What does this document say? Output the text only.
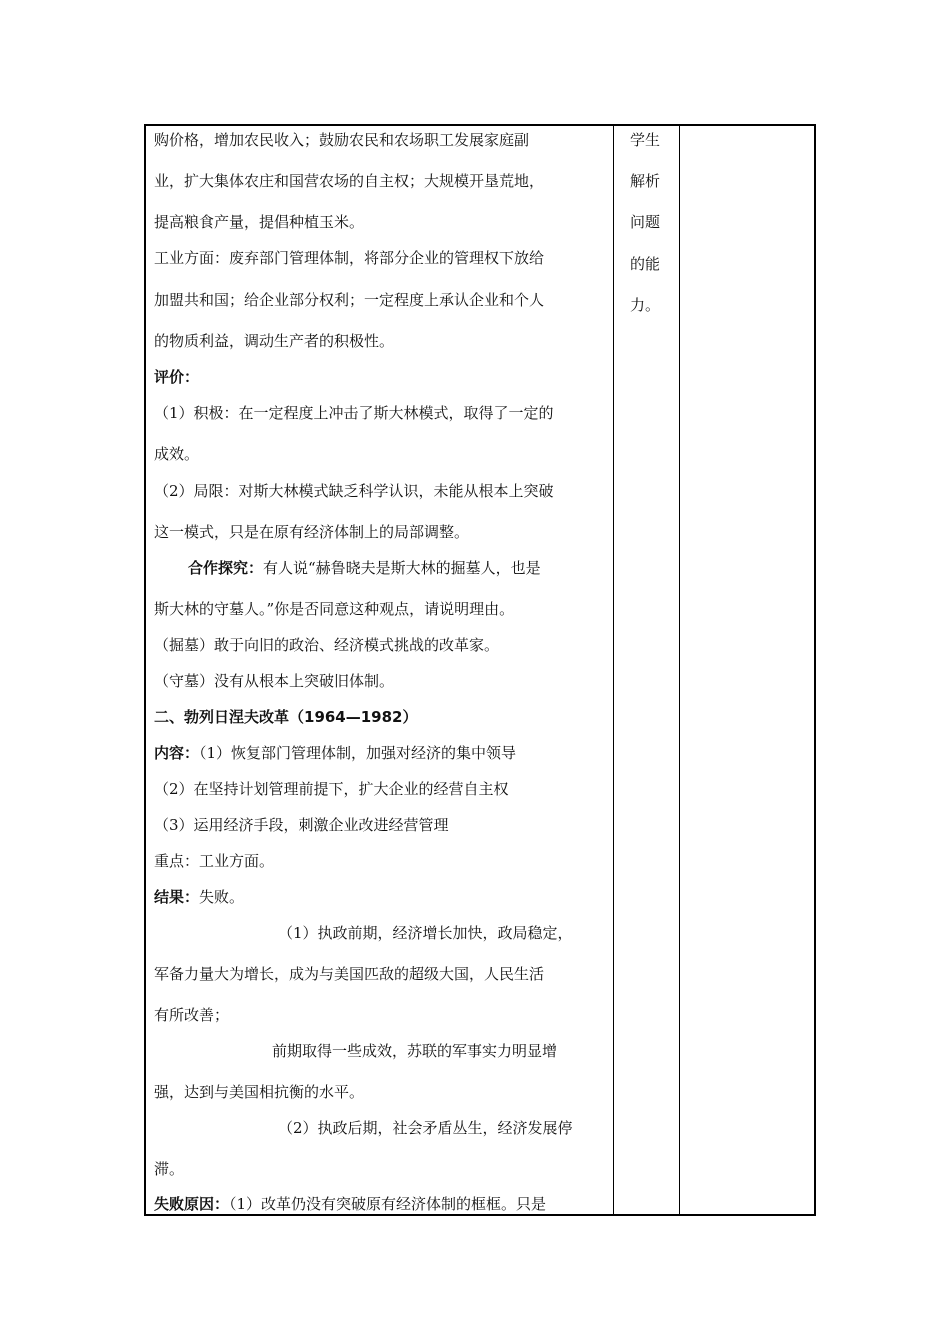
购价格，增加农民收入；鼓励农民和农场职工发展家庭副
业，扩大集体农庄和国营农场的自主权；大规模开垦荒地，
提高粮食产量，提倡种植玉米。
工业方面：废弃部门管理体制，将部分企业的管理权下放给
加盟共和国；给企业部分权利；一定程度上承认企业和个人
的物质利益，调动生产者的积极性。
评价：
（1）积极：在一定程度上冲击了斯大林模式，取得了一定的
成效。
（2）局限：对斯大林模式缺乏科学认识，未能从根本上突破
这一模式，只是在原有经济体制上的局部调整。
合作探究：有人说“赫鲁晓夫是斯大林的掘墓人，也是
斯大林的守墓人。”你是否同意这种观点，请说明理由。
（掘墓）敢于向旧的政治、经济模式挑战的改革家。
（守墓）没有从根本上突破旧体制。
二、勃列日涅夫改革（1964—1982）
内容：（1）恢复部门管理体制，加强对经济的集中领导
（2）在坚持计划管理前提下，扩大企业的经营自主权
（3）运用经济手段，刺激企业改进经营管理
重点：工业方面。
结果：失败。
（1）执政前期，经济增长加快，政局稳定，
军备力量大为增长，成为与美国匹敌的超级大国，人民生活
有所改善；
前期取得一些成效，苏联的军事实力明显增
强，达到与美国相抗衡的水平。
（2）执政后期，社会矛盾丛生，经济发展停
滞。
失败原因：（1）改革仍没有突破原有经济体制的框框。只是
学生
解析
问题
的能
力。
